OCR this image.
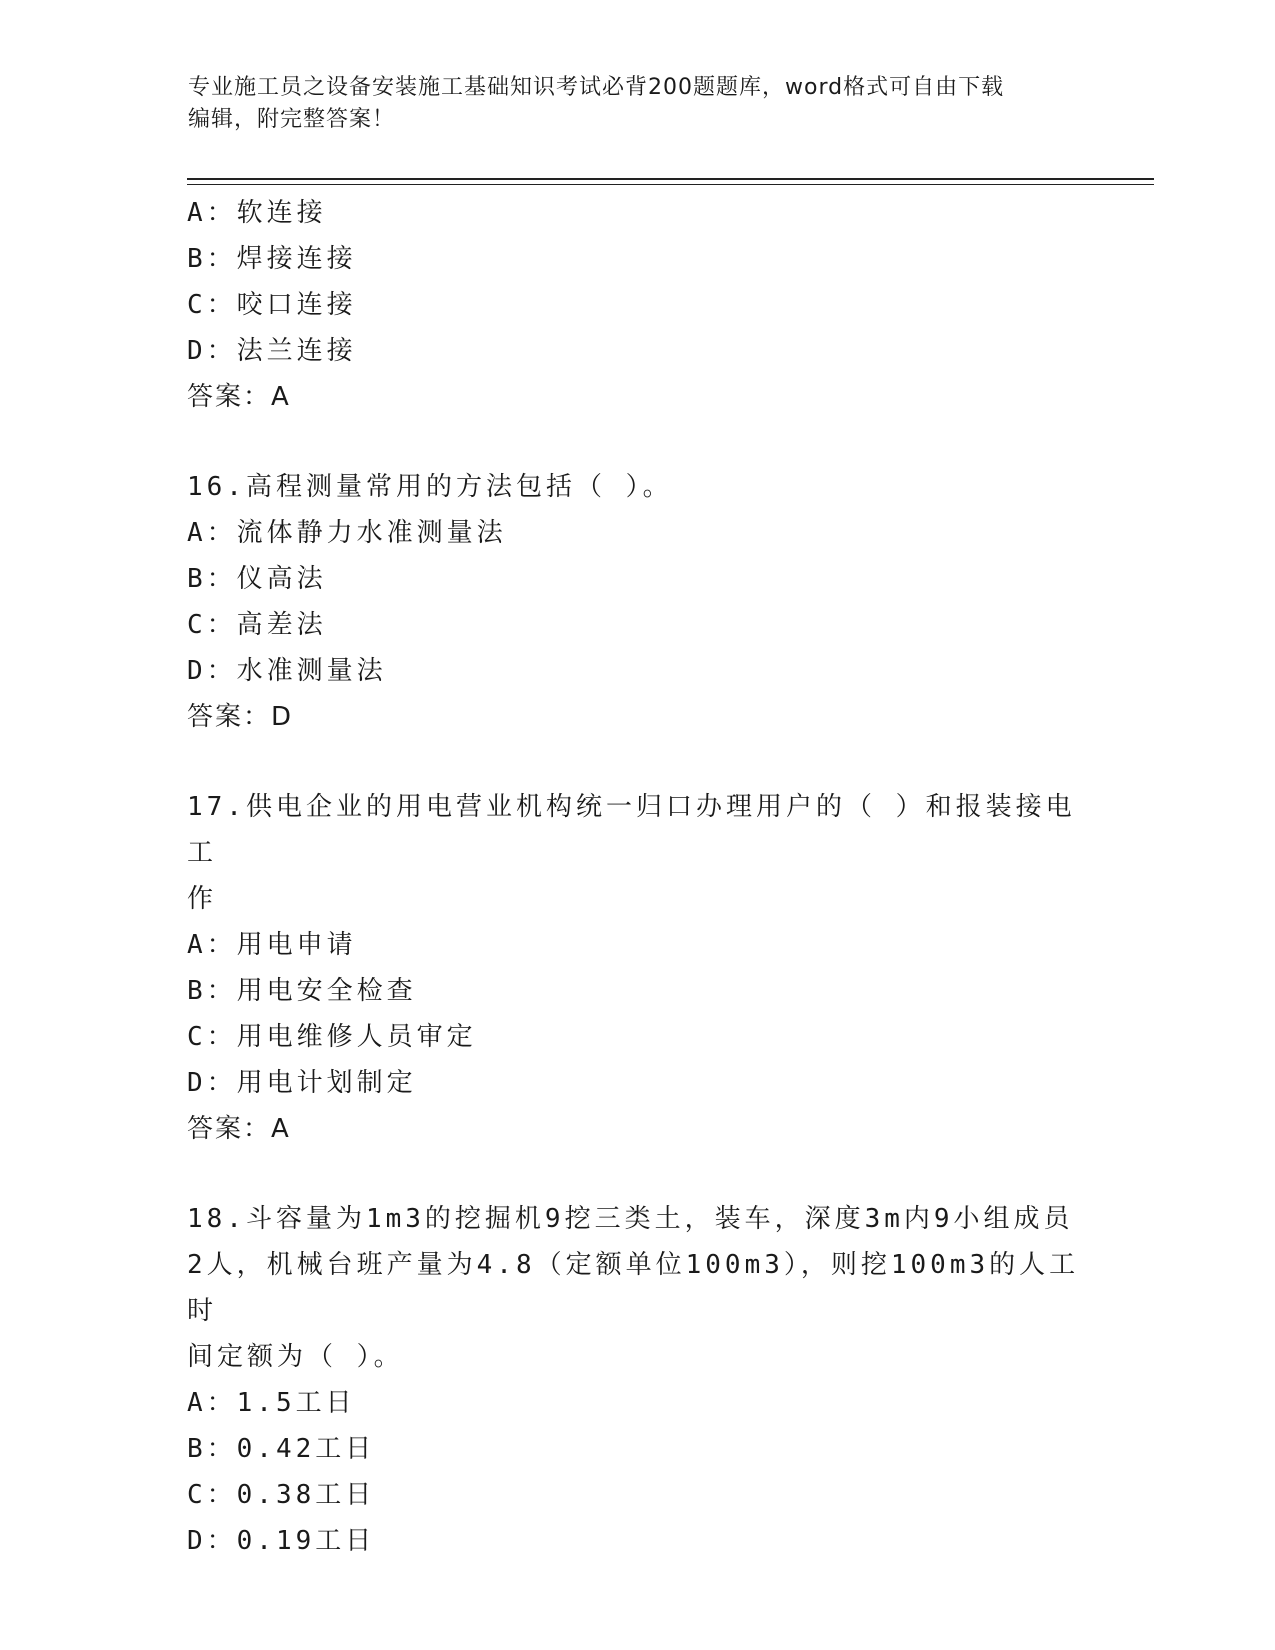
专业施工员之设备安装施工基础知识考试必背200题题库，word格式可自由下载
编辑，附完整答案！
A：软连接
B：焊接连接
C：咬口连接
D：法兰连接
答案：A
16.高程测量常用的方法包括（ ）。
A：流体静力水准测量法
B：仪高法
C：高差法
D：水准测量法
答案：D
17.供电企业的用电营业机构统一归口办理用户的（ ）和报装接电工
作
A：用电申请
B：用电安全检查
C：用电维修人员审定
D：用电计划制定
答案：A
18.斗容量为1m3的挖掘机9挖三类土，装车，深度3m内9小组成员
2人，机械台班产量为4.8（定额单位100m3），则挖100m3的人工时
间定额为（ ）。
A：1.5工日
B：0.42工日
C：0.38工日
D：0.19工日
